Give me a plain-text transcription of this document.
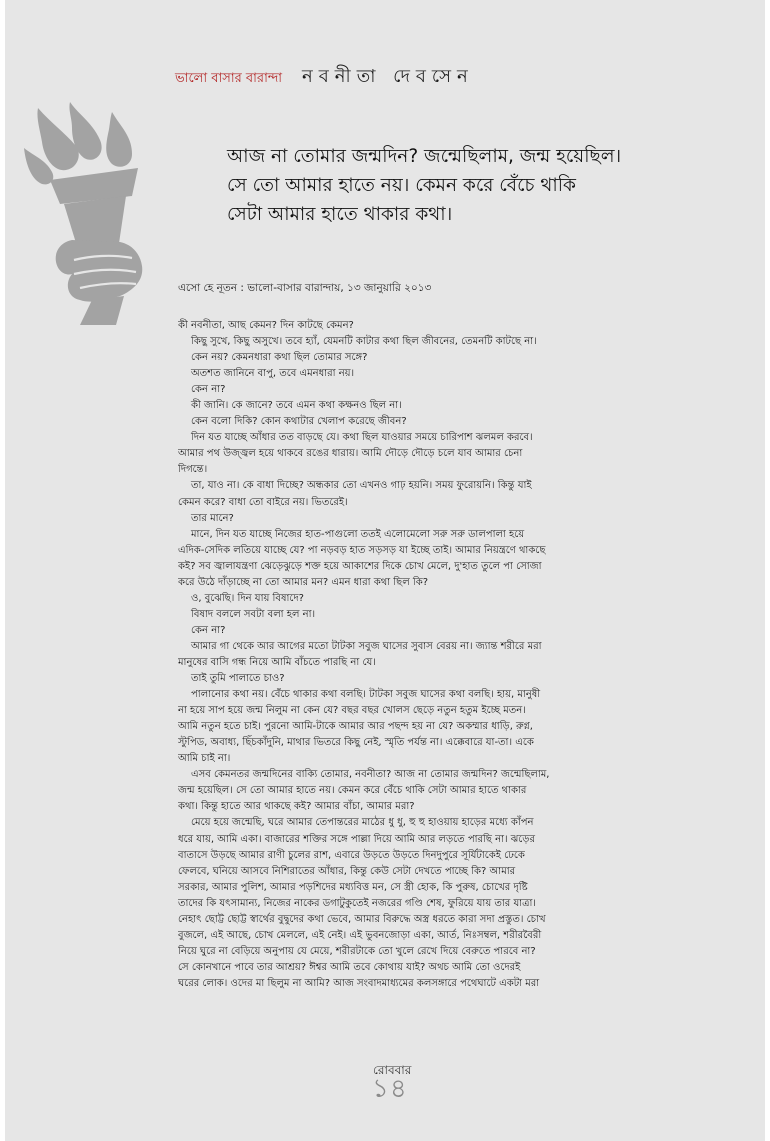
ভালো বাসার বারান্দা নবনীতা দেবসেন
আজ না তোমার জন্মদিন? জন্মেছিলাম, জন্ম হয়েছিল।
সে তো আমার হাতে নয়। কেমন করে বেঁচে থাকি
সেটা আমার হাতে থাকার কথা।
এসো হে নূতন : ভালো-বাসার বারান্দায়, ১৩ জানুয়ারি ২০১৩
কী নবনীতা, আছ কেমন? দিন কাটছে কেমন?
কিছু সুখে, কিছু অসুখে। তবে হ্যাঁ, যেমনটি কাটার কথা ছিল জীবনের, তেমনটি কাটছে না।
কেন নয়? কেমনধারা কথা ছিল তোমার সঙ্গে?
অতশত জানিনে বাপু, তবে এমনধারা নয়।
কেন না?
কী জানি। কে জানে? তবে এমন কথা কক্ষনও ছিল না।
কেন বলো দিকি? কোন কথাটার খেলাপ করেছে জীবন?
দিন যত যাচ্ছে আঁধার তত বাড়ছে যে। কথা ছিল যাওয়ার সময়ে চারিপাশ ঝলমল করবে।
আমার পথ উজ্জ্বল হয়ে থাকবে রঙের ধারায়। আমি দৌড়ে দৌড়ে চলে যাব আমার চেনা
দিগন্তে।
তা, যাও না। কে বাধা দিচ্ছে? অন্ধকার তো এখনও গাঢ় হয়নি। সময় ফুরোয়নি। কিন্তু যাই
কেমন করে? বাধা তো বাইরে নয়। ভিতরেই।
তার মানে?
মানে, দিন যত যাচ্ছে নিজের হাত-পাগুলো ততই এলোমেলো সরু সরু ডালপালা হয়ে
এদিক-সেদিক লতিয়ে যাচ্ছে যে? পা নড়বড় হাত সড়সড় যা ইচ্ছে তাই। আমার নিয়ন্ত্রণে থাকছে
কই? সব জ্বালাযন্ত্রণা ঝেড়েঝুড়ে শক্ত হয়ে আকাশের দিকে চোখ মেলে, দু'হাত তুলে পা সোজা
করে উঠে দাঁড়াচ্ছে না তো আমার মন? এমন ধারা কথা ছিল কি?
ও, বুঝেছি। দিন যায় বিষাদে?
বিষাদ বললে সবটা বলা হল না।
কেন না?
আমার গা থেকে আর আগের মতো টাটকা সবুজ ঘাসের সুবাস বেরয় না। জ্যান্ত শরীরে মরা
মানুষের বাসি গন্ধ নিয়ে আমি বাঁচতে পারছি না যে।
তাই তুমি পালাতে চাও?
পালানোর কথা নয়। বেঁচে থাকার কথা বলছি। টাটকা সবুজ ঘাসের কথা বলছি। হায়, মানুষী
না হয়ে সাপ হয়ে জন্ম নিলুম না কেন যে? বছর বছর খোলস ছেড়ে নতুন হতুম ইচ্ছে মতন।
আমি নতুন হতে চাই। পুরনো আমি-টাকে আমার আর পছন্দ হয় না যে? অকম্মার ধাড়ি, রুগ্ন,
স্টুপিড, অবাধ্য, ছিঁচকাঁদুনি, মাথার ভিতরে কিছু নেই, স্মৃতি পর্যন্ত না। এক্কেবারে যা-তা। একে
আমি চাই না।
এসব কেমনতর জন্মদিনের বাক্যি তোমার, নবনীতা? আজ না তোমার জন্মদিন? জন্মেছিলাম,
জন্ম হয়েছিল। সে তো আমার হাতে নয়। কেমন করে বেঁচে থাকি সেটা আমার হাতে থাকার
কথা। কিন্তু হাতে আর থাকছে কই? আমার বাঁচা, আমার মরা?
মেয়ে হয়ে জন্মেছি, ঘরে আমার তেপান্তরের মাঠের ধু ধু, হু হু হাওয়ায় হাড়ের মধ্যে কাঁপন
ধরে যায়, আমি একা। বাজারের শক্তির সঙ্গে পাল্লা দিয়ে আমি আর লড়তে পারছি না। ঝড়ের
বাতাসে উড়ছে আমার রাণী চুলের রাশ, এবারে উড়তে উড়তে দিনদুপুরে সূর্যিটাকেই ঢেকে
ফেলবে, ঘনিয়ে আসবে নিশিরাতের আঁধার, কিন্তু কেউ সেটা দেখতে পাচ্ছে কি? আমার
সরকার, আমার পুলিশ, আমার পড়শিদের মধ্যবিত্ত মন, সে স্ত্রী হোক, কি পুরুষ, চোখের দৃষ্টি
তাদের কি যৎসামান্য, নিজের নাকের ডগাটুকুতেই নজরের গণ্ডি শেষ, ফুরিয়ে যায় তার যাত্রা।
নেহাৎ ছোট্ট ছোট্ট স্বার্থের বুদ্বুদের কথা ভেবে, আমার বিরুদ্ধে অস্ত্র ধরতে কারা সদা প্রস্তুত। চোখ
বুজলে, এই আছে, চোখ মেললে, এই নেই। এই ভুবনজোড়া একা, আর্ত, নিঃসম্বল, শরীরবৈরী
নিয়ে ঘুরে না বেড়িয়ে অনুপায় যে মেয়ে, শরীরটাকে তো খুলে রেখে দিয়ে বেরুতে পারবে না?
সে কোনখানে পাবে তার আশ্রয়? ঈশ্বর আমি তবে কোথায় যাই? অথচ আমি তো ওদেরই
ঘরের লোক। ওদের মা ছিলুম না আমি? আজ সংবাদমাধ্যমের কলসঙ্গারে পথেঘাটে একটা মরা
রোববার
১৪
